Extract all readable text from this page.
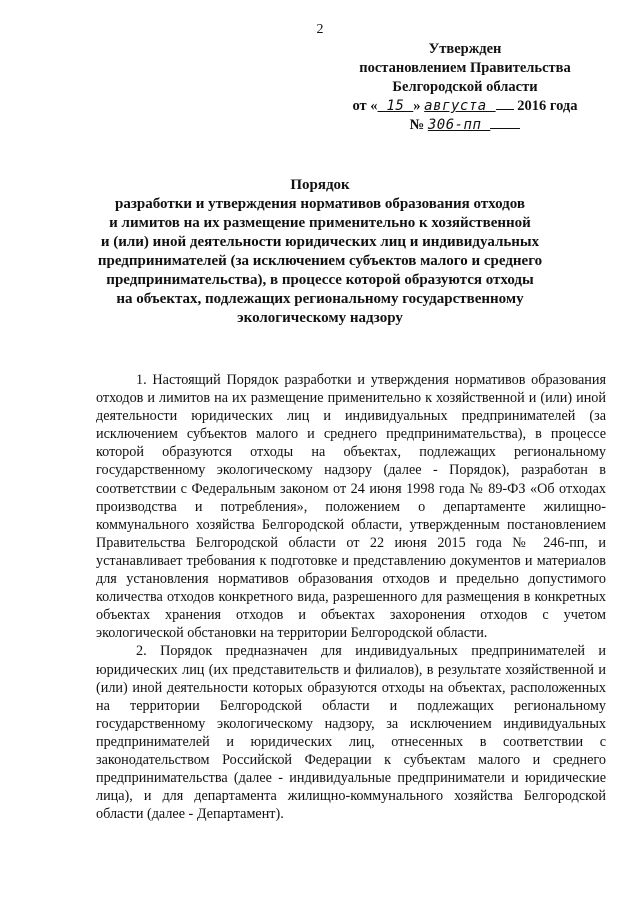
2
Утвержден
постановлением Правительства
Белгородской области
от « 15 » августа  2016 года
№ 306-пп
Порядок
разработки и утверждения нормативов образования отходов
и лимитов на их размещение применительно к хозяйственной
и (или) иной деятельности юридических лиц и индивидуальных
предпринимателей (за исключением субъектов малого и среднего
предпринимательства), в процессе которой образуются отходы
на объектах, подлежащих региональному государственному
экологическому надзору

1. Настоящий Порядок разработки и утверждения нормативов образования отходов и лимитов на их размещение применительно к хозяйственной и (или) иной деятельности юридических лиц и индивидуальных предпринимателей (за исключением субъектов малого и среднего предпринимательства), в процессе которой образуются отходы на объектах, подлежащих региональному государственному экологическому надзору (далее - Порядок), разработан в соответствии с Федеральным законом от 24 июня 1998 года № 89-ФЗ «Об отходах производства и потребления», положением о департаменте жилищно-коммунального хозяйства Белгородской области, утвержденным постановлением Правительства Белгородской области от 22 июня 2015 года № 246-пп, и устанавливает требования к подготовке и представлению документов и материалов для установления нормативов образования отходов и предельно допустимого количества отходов конкретного вида, разрешенного для размещения в конкретных объектах хранения отходов и объектах захоронения отходов с учетом экологической обстановки на территории Белгородской области.

2. Порядок предназначен для индивидуальных предпринимателей и юридических лиц (их представительств и филиалов), в результате хозяйственной и (или) иной деятельности которых образуются отходы на объектах, расположенных на территории Белгородской области и подлежащих региональному государственному экологическому надзору, за исключением индивидуальных предпринимателей и юридических лиц, отнесенных в соответствии с законодательством Российской Федерации к субъектам малого и среднего предпринимательства (далее - индивидуальные предприниматели и юридические лица), и для департамента жилищно-коммунального хозяйства Белгородской области (далее - Департамент).
